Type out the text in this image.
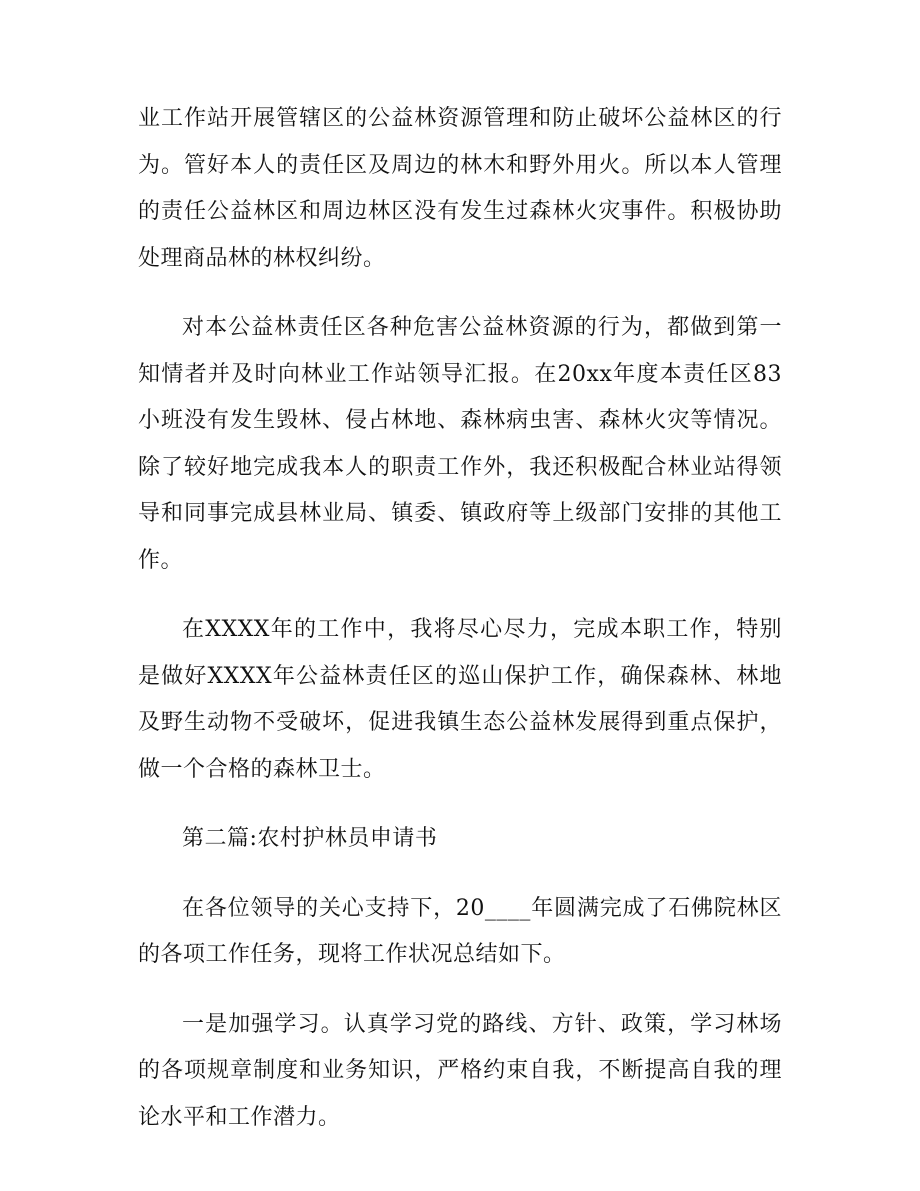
业工作站开展管辖区的公益林资源管理和防止破坏公益林区的行为。管好本人的责任区及周边的林木和野外用火。所以本人管理的责任公益林区和周边林区没有发生过森林火灾事件。积极协助处理商品林的林权纠纷。

对本公益林责任区各种危害公益林资源的行为，都做到第一知情者并及时向林业工作站领导汇报。在20xx年度本责任区83小班没有发生毁林、侵占林地、森林病虫害、森林火灾等情况。除了较好地完成我本人的职责工作外，我还积极配合林业站得领导和同事完成县林业局、镇委、镇政府等上级部门安排的其他工作。

在XXXX年的工作中，我将尽心尽力，完成本职工作，特别是做好XXXX年公益林责任区的巡山保护工作，确保森林、林地及野生动物不受破坏，促进我镇生态公益林发展得到重点保护，做一个合格的森林卫士。

第二篇:农村护林员申请书

在各位领导的关心支持下，20____年圆满完成了石佛院林区的各项工作任务，现将工作状况总结如下。

一是加强学习。认真学习党的路线、方针、政策，学习林场的各项规章制度和业务知识，严格约束自我，不断提高自我的理论水平和工作潜力。
